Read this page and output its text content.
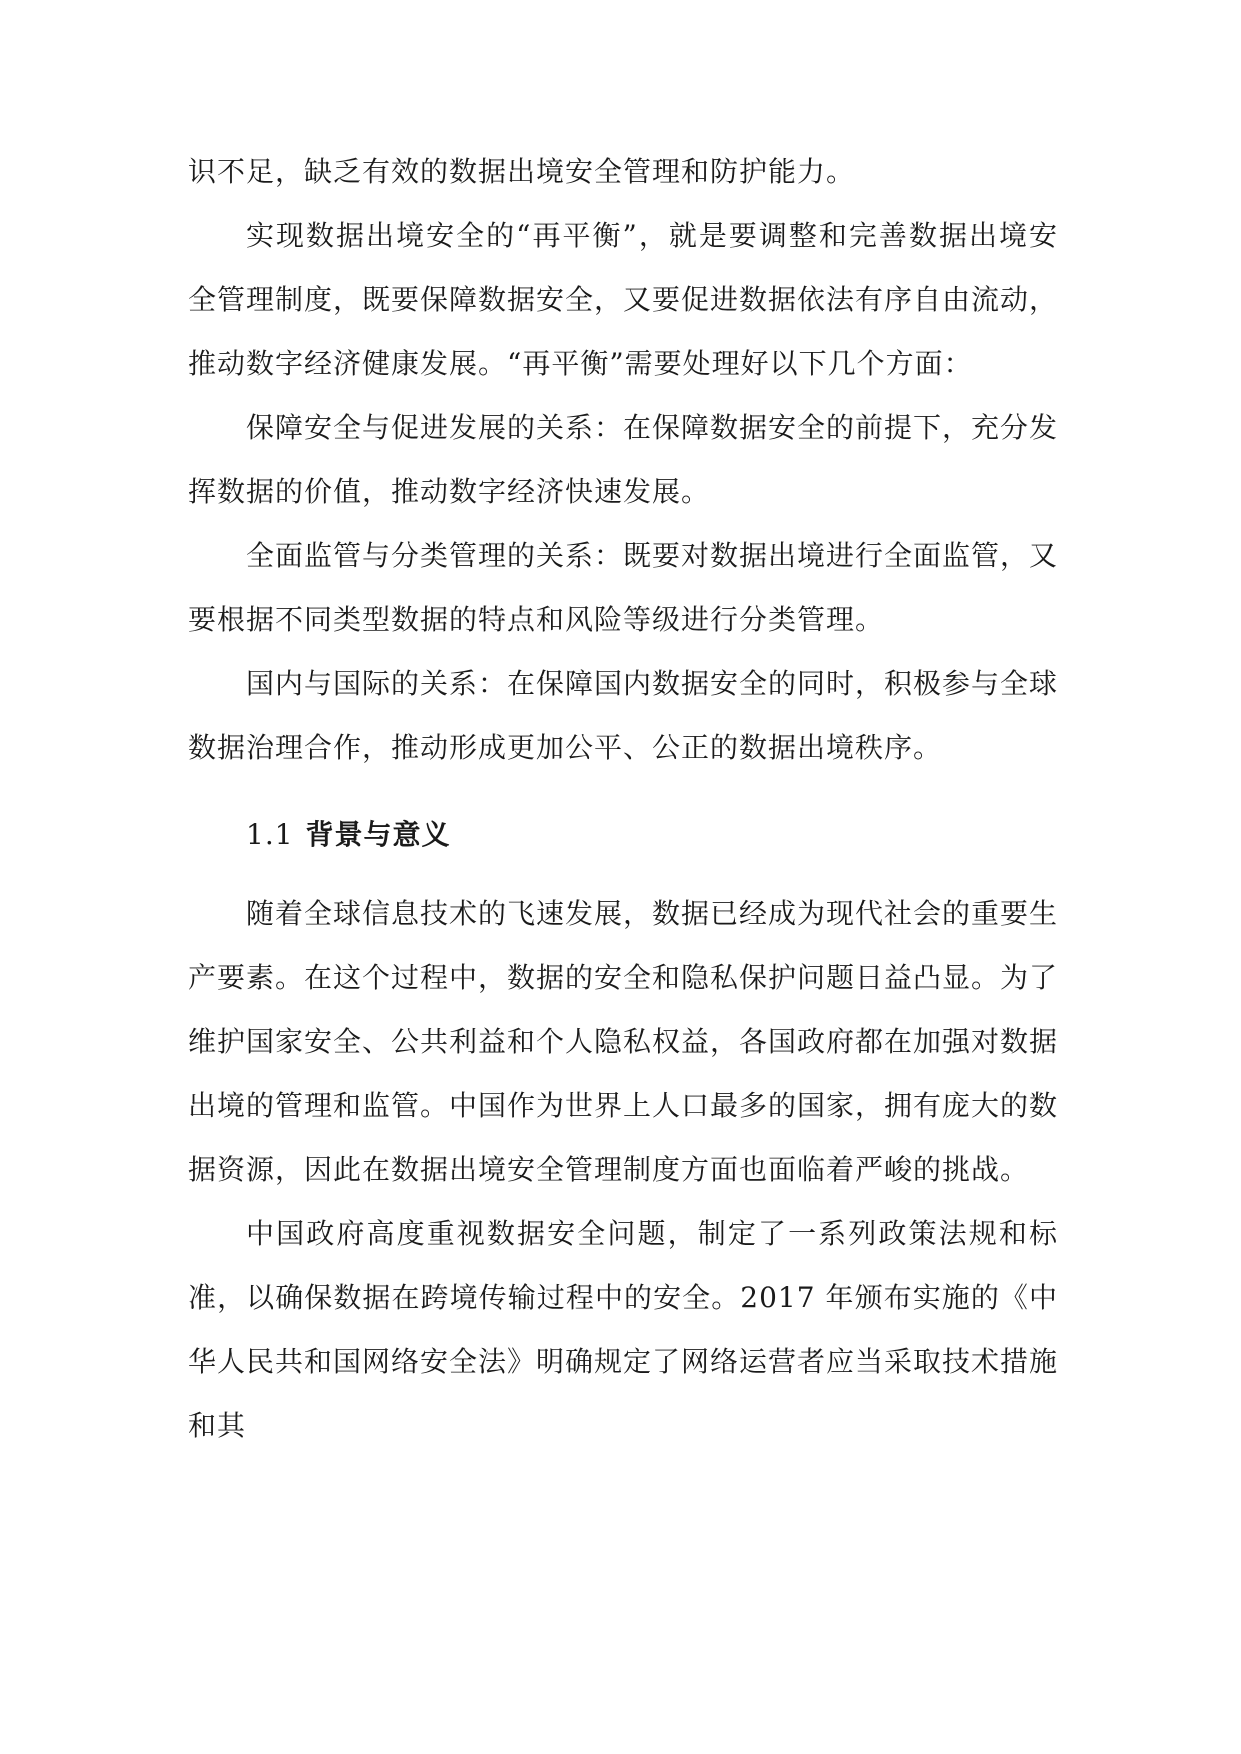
识不足，缺乏有效的数据出境安全管理和防护能力。

实现数据出境安全的“再平衡”，就是要调整和完善数据出境安全管理制度，既要保障数据安全，又要促进数据依法有序自由流动，推动数字经济健康发展。“再平衡”需要处理好以下几个方面：

保障安全与促进发展的关系：在保障数据安全的前提下，充分发挥数据的价值，推动数字经济快速发展。

全面监管与分类管理的关系：既要对数据出境进行全面监管，又要根据不同类型数据的特点和风险等级进行分类管理。

国内与国际的关系：在保障国内数据安全的同时，积极参与全球数据治理合作，推动形成更加公平、公正的数据出境秩序。

1.1 背景与意义

随着全球信息技术的飞速发展，数据已经成为现代社会的重要生产要素。在这个过程中，数据的安全和隐私保护问题日益凸显。为了维护国家安全、公共利益和个人隐私权益，各国政府都在加强对数据出境的管理和监管。中国作为世界上人口最多的国家，拥有庞大的数据资源，因此在数据出境安全管理制度方面也面临着严峻的挑战。

中国政府高度重视数据安全问题，制定了一系列政策法规和标准，以确保数据在跨境传输过程中的安全。2017 年颁布实施的《中华人民共和国网络安全法》明确规定了网络运营者应当采取技术措施和其
